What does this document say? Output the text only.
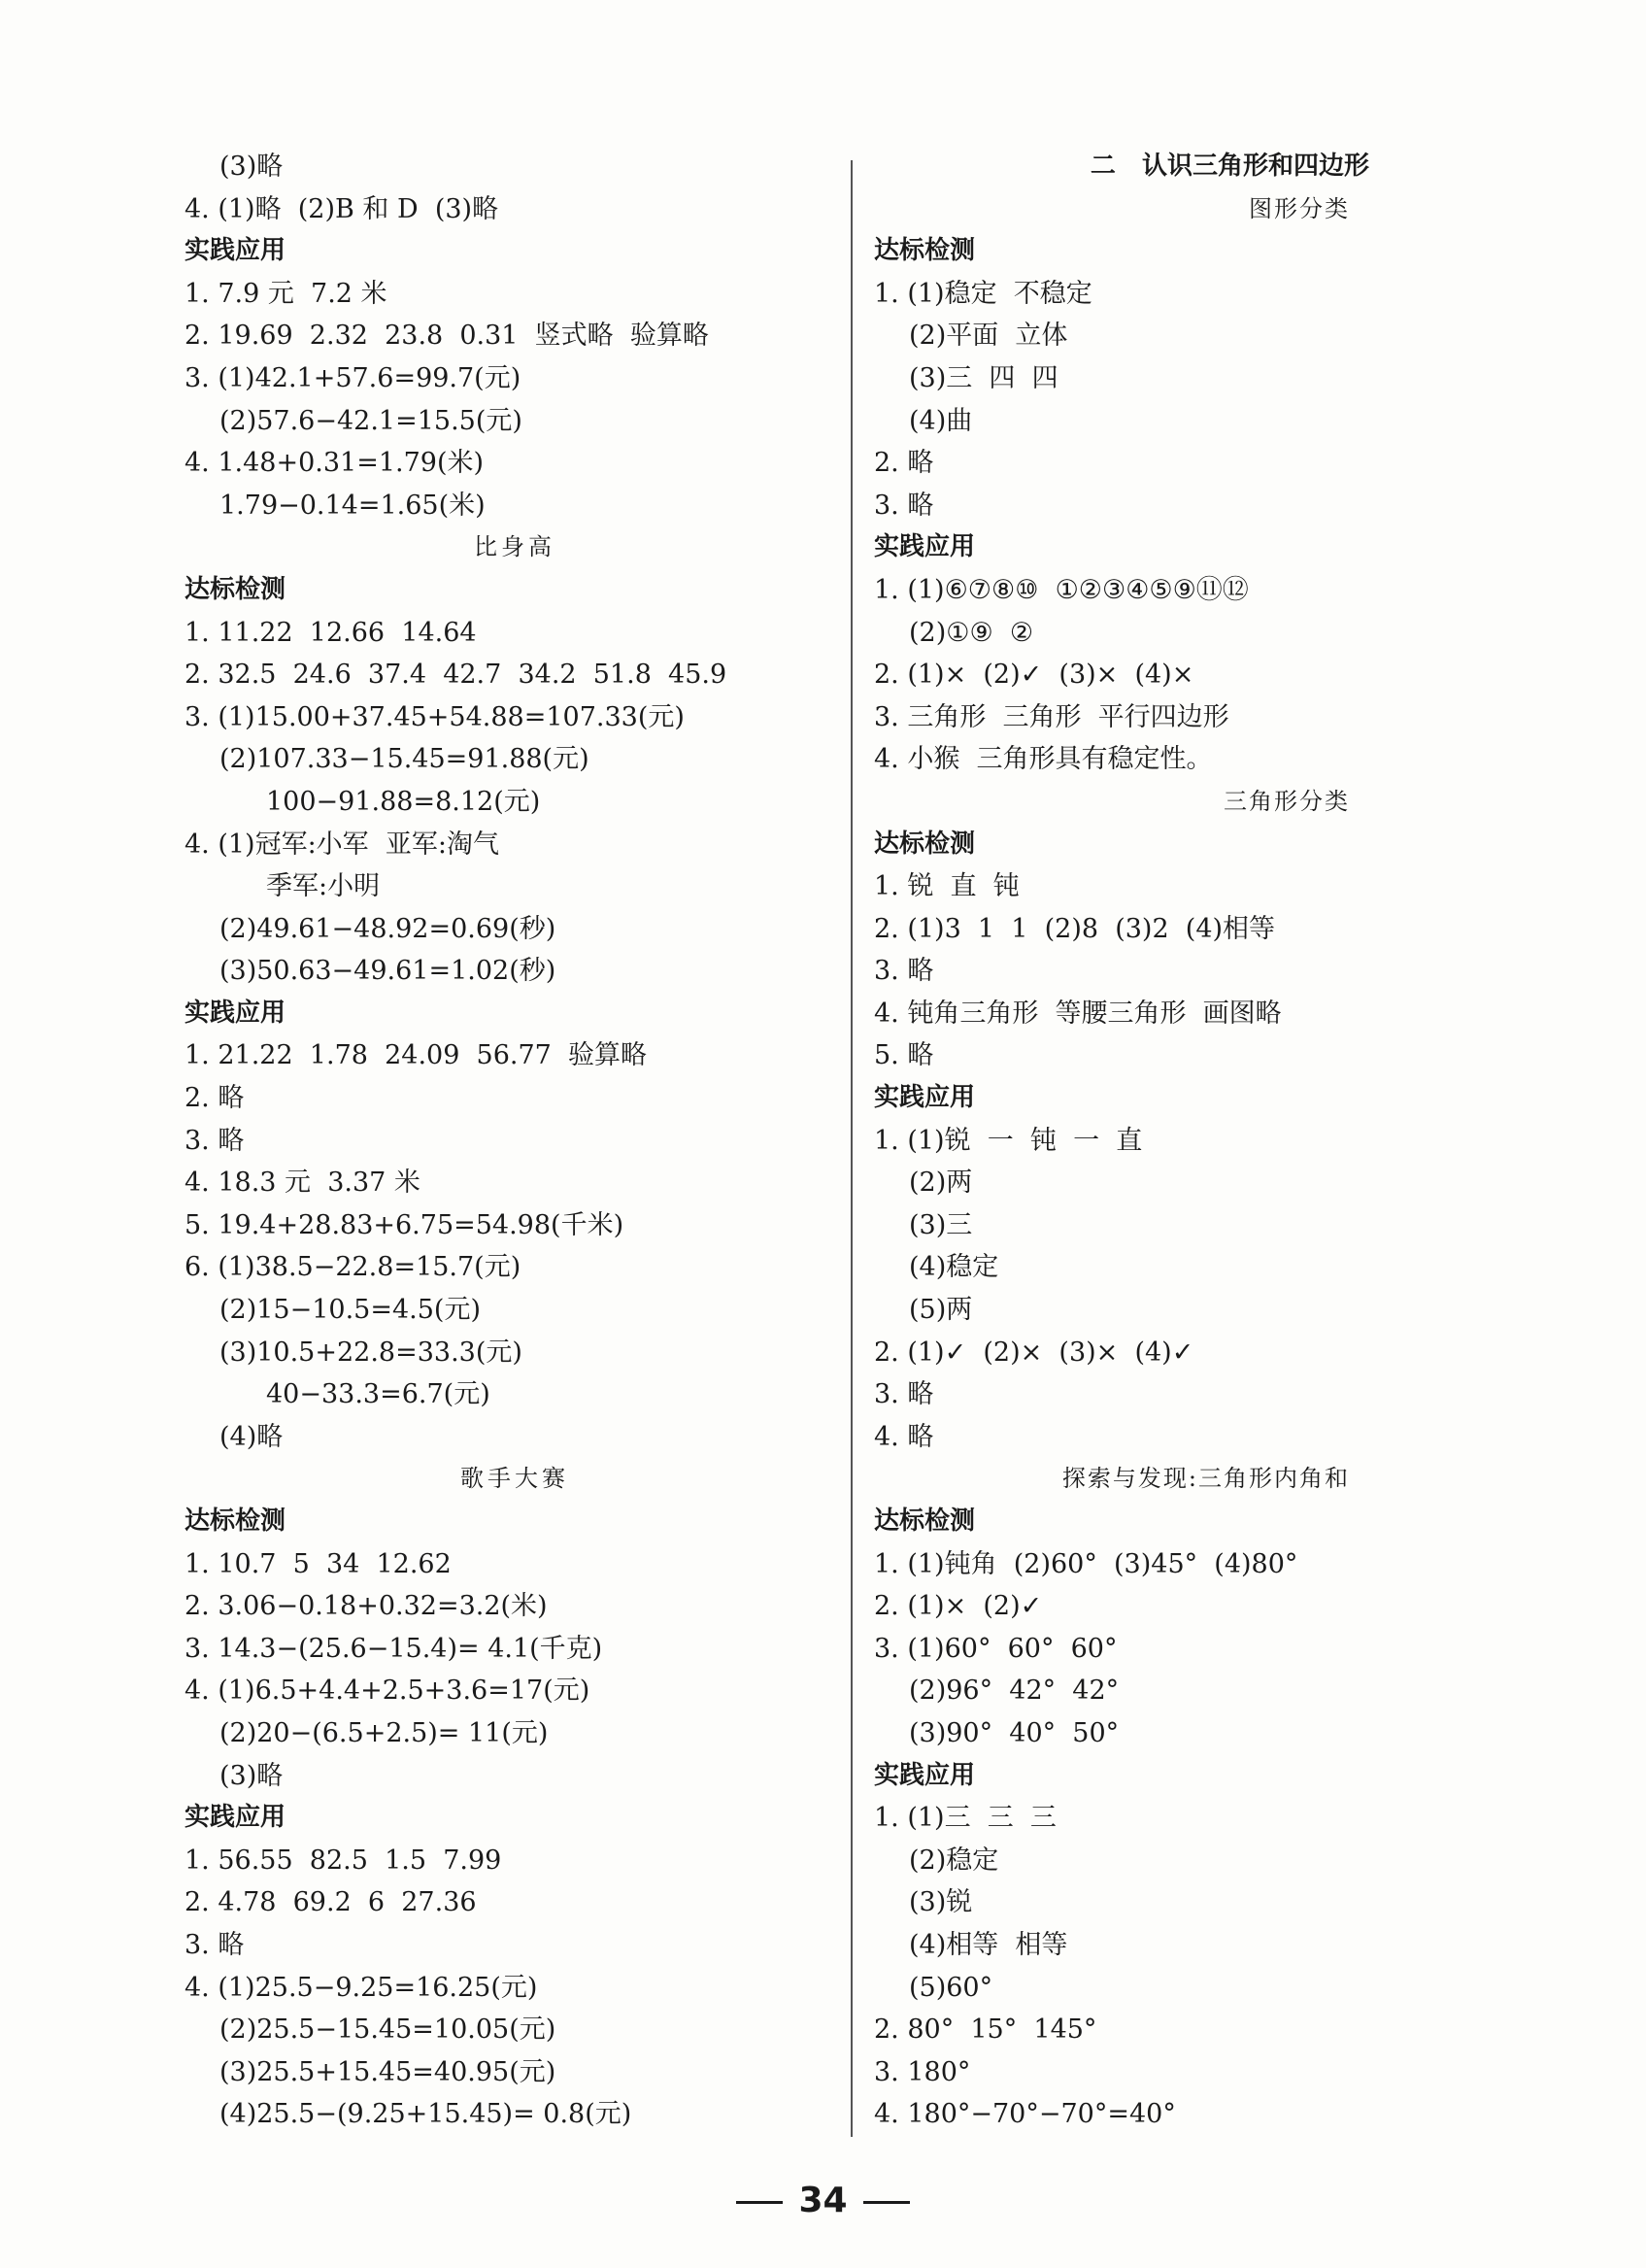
(3)略
4. (1)略  (2)B 和 D  (3)略
实践应用
1. 7.9 元  7.2 米
2. 19.69  2.32  23.8  0.31  竖式略  验算略
3. (1)42.1+57.6=99.7(元)
(2)57.6−42.1=15.5(元)
4. 1.48+0.31=1.79(米)
1.79−0.14=1.65(米)
比身高
达标检测
1. 11.22  12.66  14.64
2. 32.5  24.6  37.4  42.7  34.2  51.8  45.9
3. (1)15.00+37.45+54.88=107.33(元)
(2)107.33−15.45=91.88(元)
100−91.88=8.12(元)
4. (1)冠军:小军  亚军:淘气
季军:小明
(2)49.61−48.92=0.69(秒)
(3)50.63−49.61=1.02(秒)
实践应用
1. 21.22  1.78  24.09  56.77  验算略
2. 略
3. 略
4. 18.3 元  3.37 米
5. 19.4+28.83+6.75=54.98(千米)
6. (1)38.5−22.8=15.7(元)
(2)15−10.5=4.5(元)
(3)10.5+22.8=33.3(元)
40−33.3=6.7(元)
(4)略
歌手大赛
达标检测
1. 10.7  5  34  12.62
2. 3.06−0.18+0.32=3.2(米)
3. 14.3−(25.6−15.4)= 4.1(千克)
4. (1)6.5+4.4+2.5+3.6=17(元)
(2)20−(6.5+2.5)= 11(元)
(3)略
实践应用
1. 56.55  82.5  1.5  7.99
2. 4.78  69.2  6  27.36
3. 略
4. (1)25.5−9.25=16.25(元)
(2)25.5−15.45=10.05(元)
(3)25.5+15.45=40.95(元)
(4)25.5−(9.25+15.45)= 0.8(元)
二   认识三角形和四边形
图形分类
达标检测
1. (1)稳定  不稳定
(2)平面  立体
(3)三  四  四
(4)曲
2. 略
3. 略
实践应用
1. (1)⑥⑦⑧⑩  ①②③④⑤⑨⑪⑫
(2)①⑨  ②
2. (1)×  (2)✓  (3)×  (4)×
3. 三角形  三角形  平行四边形
4. 小猴  三角形具有稳定性。
三角形分类
达标检测
1. 锐  直  钝
2. (1)3  1  1  (2)8  (3)2  (4)相等
3. 略
4. 钝角三角形  等腰三角形  画图略
5. 略
实践应用
1. (1)锐  一  钝  一  直
(2)两
(3)三
(4)稳定
(5)两
2. (1)✓  (2)×  (3)×  (4)✓
3. 略
4. 略
探索与发现:三角形内角和
达标检测
1. (1)钝角  (2)60°  (3)45°  (4)80°
2. (1)×  (2)✓
3. (1)60°  60°  60°
(2)96°  42°  42°
(3)90°  40°  50°
实践应用
1. (1)三  三  三
(2)稳定
(3)锐
(4)相等  相等
(5)60°
2. 80°  15°  145°
3. 180°
4. 180°−70°−70°=40°
34
